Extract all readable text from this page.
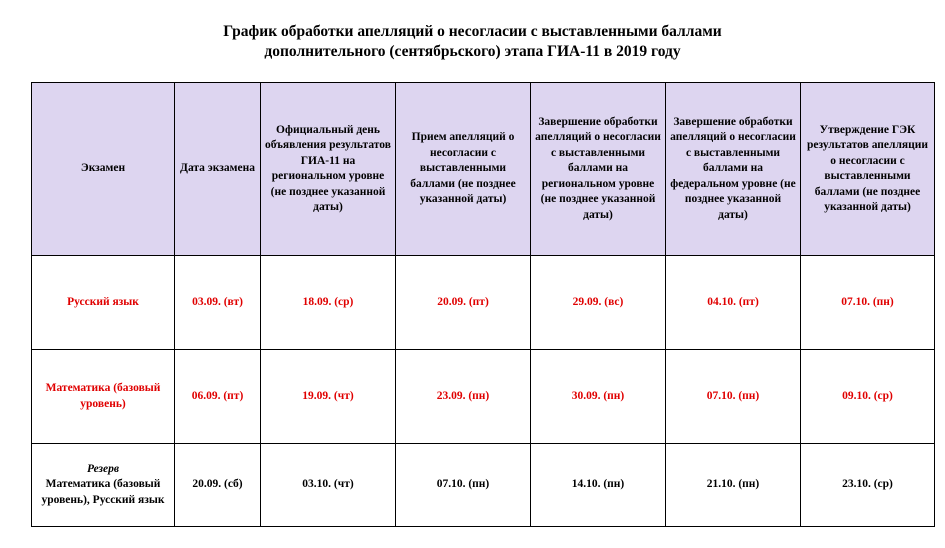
График обработки апелляций о несогласии с выставленными баллами
дополнительного (сентябрьского) этапа ГИА-11 в 2019 году
Экзамен	Дата экзамена	Официальный день объявления результатов ГИА-11 на региональном уровне (не позднее указанной даты)	Прием апелляций о несогласии с выставленными баллами (не позднее указанной даты)	Завершение обработки апелляций о несогласии с выставленными баллами на региональном уровне (не позднее указанной даты)	Завершение обработки апелляций о несогласии с выставленными баллами на федеральном уровне (не позднее указанной даты)	Утверждение ГЭК результатов апелляции о несогласии с выставленными баллами (не позднее указанной даты)
Русский язык	03.09. (вт)	18.09. (ср)	20.09. (пт)	29.09. (вс)	04.10. (пт)	07.10. (пн)
Математика (базовый уровень)	06.09. (пт)	19.09. (чт)	23.09. (пн)	30.09. (пн)	07.10. (пн)	09.10. (ср)

Резерв
Математика (базовый уровень), Русский язык	20.09. (сб)	03.10. (чт)	07.10. (пн)	14.10. (пн)	21.10. (пн)	23.10. (ср)
